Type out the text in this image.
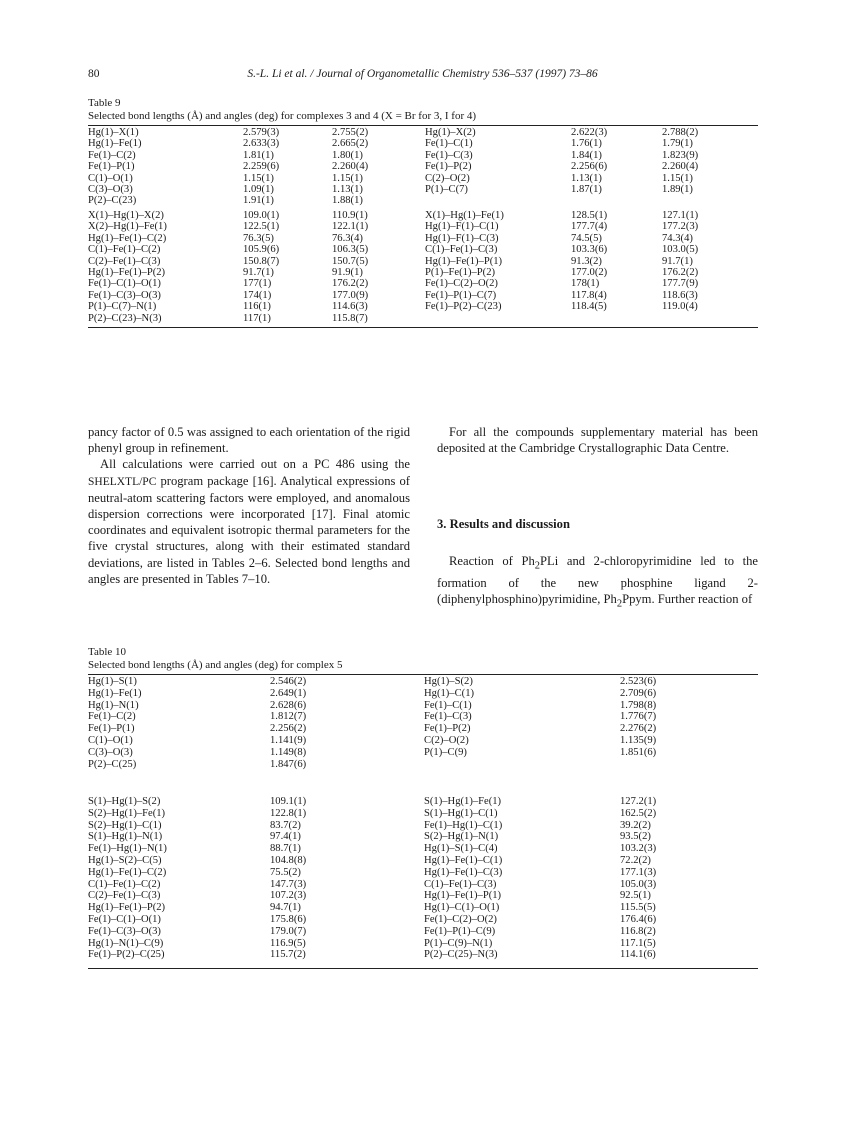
80	S.-L. Li et al. / Journal of Organometallic Chemistry 536–537 (1997) 73–86
Table 9
Selected bond lengths (Å) and angles (deg) for complexes 3 and 4 (X = Br for 3, I for 4)
Hg(1)–X(1)	2.579(3)	2.755(2)	Hg(1)–X(2)	2.622(3)	2.788(2)
Hg(1)–Fe(1)	2.633(3)	2.665(2)	Fe(1)–C(1)	1.76(1)	1.79(1)
Fe(1)–C(2)	1.81(1)	1.80(1)	Fe(1)–C(3)	1.84(1)	1.823(9)
Fe(1)–P(1)	2.259(6)	2.260(4)	Fe(1)–P(2)	2.256(6)	2.260(4)
C(1)–O(1)	1.15(1)	1.15(1)	C(2)–O(2)	1.13(1)	1.15(1)
C(3)–O(3)	1.09(1)	1.13(1)	P(1)–C(7)	1.87(1)	1.89(1)
P(2)–C(23)	1.91(1)	1.88(1)
X(1)–Hg(1)–X(2)	109.0(1)	110.9(1)	X(1)–Hg(1)–Fe(1)	128.5(1)	127.1(1)
X(2)–Hg(1)–Fe(1)	122.5(1)	122.1(1)	Hg(1)–F(1)–C(1)	177.7(4)	177.2(3)
Hg(1)–Fe(1)–C(2)	76.3(5)	76.3(4)	Hg(1)–F(1)–C(3)	74.5(5)	74.3(4)
C(1)–Fe(1)–C(2)	105.9(6)	106.3(5)	C(1)–Fe(1)–C(3)	103.3(6)	103.0(5)
C(2)–Fe(1)–C(3)	150.8(7)	150.7(5)	Hg(1)–Fe(1)–P(1)	91.3(2)	91.7(1)
Hg(1)–Fe(1)–P(2)	91.7(1)	91.9(1)	P(1)–Fe(1)–P(2)	177.0(2)	176.2(2)
Fe(1)–C(1)–O(1)	177(1)	176.2(2)	Fe(1)–C(2)–O(2)	178(1)	177.7(9)
Fe(1)–C(3)–O(3)	174(1)	177.0(9)	Fe(1)–P(1)–C(7)	117.8(4)	118.6(3)
P(1)–C(7)–N(1)	116(1)	114.6(3)	Fe(1)–P(2)–C(23)	118.4(5)	119.0(4)
P(2)–C(23)–N(3)	117(1)	115.8(7)

pancy factor of 0.5 was assigned to each orientation of the rigid phenyl group in refinement.

All calculations were carried out on a PC 486 using the SHELXTL/PC program package [16]. Analytical expressions of neutral-atom scattering factors were employed, and anomalous dispersion corrections were incorporated [17]. Final atomic coordinates and equivalent isotropic thermal parameters for the five crystal structures, along with their estimated standard deviations, are listed in Tables 2–6. Selected bond lengths and angles are presented in Tables 7–10.

For all the compounds supplementary material has been deposited at the Cambridge Crystallographic Data Centre.

3. Results and discussion

Reaction of $Ph_2PLi$ and 2-chloropyrimidine led to the formation of the new phosphine ligand 2-(diphenylphosphino)pyrimidine, $Ph_2Ppym$. Further reaction of

Table 10
Selected bond lengths (Å) and angles (deg) for complex 5
Hg(1)–S(1)	2.546(2)	Hg(1)–S(2)	2.523(6)
Hg(1)–Fe(1)	2.649(1)	Hg(1)–C(1)	2.709(6)
Hg(1)–N(1)	2.628(6)	Fe(1)–C(1)	1.798(8)
Fe(1)–C(2)	1.812(7)	Fe(1)–C(3)	1.776(7)
Fe(1)–P(1)	2.256(2)	Fe(1)–P(2)	2.276(2)
C(1)–O(1)	1.141(9)	C(2)–O(2)	1.135(9)
C(3)–O(3)	1.149(8)	P(1)–C(9)	1.851(6)
P(2)–C(25)	1.847(6)
S(1)–Hg(1)–S(2)	109.1(1)	S(1)–Hg(1)–Fe(1)	127.2(1)
S(2)–Hg(1)–Fe(1)	122.8(1)	S(1)–Hg(1)–C(1)	162.5(2)
S(2)–Hg(1)–C(1)	83.7(2)	Fe(1)–Hg(1)–C(1)	39.2(2)
S(1)–Hg(1)–N(1)	97.4(1)	S(2)–Hg(1)–N(1)	93.5(2)
Fe(1)–Hg(1)–N(1)	88.7(1)	Hg(1)–S(1)–C(4)	103.2(3)
Hg(1)–S(2)–C(5)	104.8(8)	Hg(1)–Fe(1)–C(1)	72.2(2)
Hg(1)–Fe(1)–C(2)	75.5(2)	Hg(1)–Fe(1)–C(3)	177.1(3)
C(1)–Fe(1)–C(2)	147.7(3)	C(1)–Fe(1)–C(3)	105.0(3)
C(2)–Fe(1)–C(3)	107.2(3)	Hg(1)–Fe(1)–P(1)	92.5(1)
Hg(1)–Fe(1)–P(2)	94.7(1)	Hg(1)–C(1)–O(1)	115.5(5)
Fe(1)–C(1)–O(1)	175.8(6)	Fe(1)–C(2)–O(2)	176.4(6)
Fe(1)–C(3)–O(3)	179.0(7)	Fe(1)–P(1)–C(9)	116.8(2)
Hg(1)–N(1)–C(9)	116.9(5)	P(1)–C(9)–N(1)	117.1(5)
Fe(1)–P(2)–C(25)	115.7(2)	P(2)–C(25)–N(3)	114.1(6)
